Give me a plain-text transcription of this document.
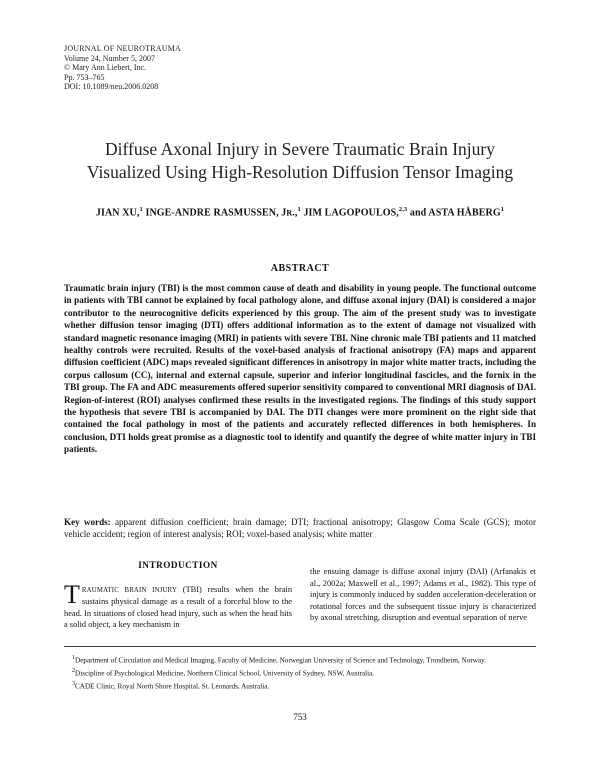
JOURNAL OF NEUROTRAUMA
Volume 24, Number 5, 2007
© Mary Ann Liebert, Inc.
Pp. 753–765
DOI: 10.1089/neu.2006.0208
Diffuse Axonal Injury in Severe Traumatic Brain Injury
Visualized Using High-Resolution Diffusion Tensor Imaging
JIAN XU,$^1$ INGE-ANDRE RASMUSSEN, JR.,$^1$ JIM LAGOPOULOS,$^{2,3}$ and ASTA HÅBERG$^1$
ABSTRACT
Traumatic brain injury (TBI) is the most common cause of death and disability in young people. The functional outcome in patients with TBI cannot be explained by focal pathology alone, and diffuse axonal injury (DAI) is considered a major contributor to the neurocognitive deficits experienced by this group. The aim of the present study was to investigate whether diffusion tensor imaging (DTI) offers additional information as to the extent of damage not visualized with standard magnetic resonance imaging (MRI) in patients with severe TBI. Nine chronic male TBI patients and 11 matched healthy controls were recruited. Results of the voxel-based analysis of fractional anisotropy (FA) maps and apparent diffusion coefficient (ADC) maps revealed significant differences in anisotropy in major white matter tracts, including the corpus callosum (CC), internal and external capsule, superior and inferior longitudinal fascicles, and the fornix in the TBI group. The FA and ADC measurements offered superior sensitivity compared to conventional MRI diagnosis of DAI. Region-of-interest (ROI) analyses confirmed these results in the investigated regions. The findings of this study support the hypothesis that severe TBI is accompanied by DAI. The DTI changes were more prominent on the right side that contained the focal pathology in most of the patients and accurately reflected differences in both hemispheres. In conclusion, DTI holds great promise as a diagnostic tool to identify and quantify the degree of white matter injury in TBI patients.
Key words: apparent diffusion coefficient; brain damage; DTI; fractional anisotropy; Glasgow Coma Scale (GCS); motor vehicle accident; region of interest analysis; ROI; voxel-based analysis; white matter
INTRODUCTION
TRAUMATIC BRAIN INJURY (TBI) results when the brain sustains physical damage as a result of a forceful blow to the head. In situations of closed head injury, such as when the head hits a solid object, a key mechanism in
the ensuing damage is diffuse axonal injury (DAI) (Arfanakis et al., 2002a; Maxwell et al., 1997; Adams et al., 1982). This type of injury is commonly induced by sudden acceleration-deceleration or rotational forces and the subsequent tissue injury is characterized by axonal stretching, disruption and eventual separation of nerve
$^1$Department of Circulation and Medical Imaging, Faculty of Medicine, Norwegian University of Science and Technology, Trondheim, Norway.
$^2$Discipline of Psychological Medicine, Northern Clinical School, University of Sydney, NSW, Australia.
$^3$CADE Clinic, Royal North Shore Hospital, St. Leonards, Australia.
753
